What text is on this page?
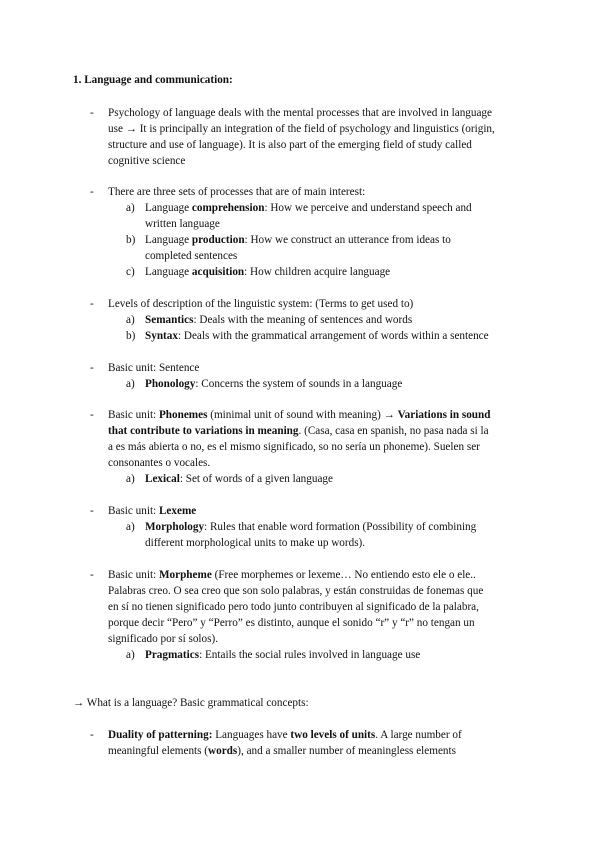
1. Language and communication:
- Psychology of language deals with the mental processes that are involved in language
use → It is principally an integration of the field of psychology and linguistics (origin,
structure and use of language). It is also part of the emerging field of study called
cognitive science
- There are three sets of processes that are of main interest:
a) Language comprehension: How we perceive and understand speech and
written language
b) Language production: How we construct an utterance from ideas to
completed sentences
c) Language acquisition: How children acquire language
- Levels of description of the linguistic system: (Terms to get used to)
a) Semantics: Deals with the meaning of sentences and words
b) Syntax: Deals with the grammatical arrangement of words within a sentence
- Basic unit: Sentence
a) Phonology: Concerns the system of sounds in a language
- Basic unit: Phonemes (minimal unit of sound with meaning) → Variations in sound
that contribute to variations in meaning. (Casa, casa en spanish, no pasa nada si la
a es más abierta o no, es el mismo significado, so no sería un phoneme). Suelen ser
consonantes o vocales.
a) Lexical: Set of words of a given language
- Basic unit: Lexeme
a) Morphology: Rules that enable word formation (Possibility of combining
different morphological units to make up words).
- Basic unit: Morpheme (Free morphemes or lexeme… No entiendo esto ele o ele..
Palabras creo. O sea creo que son solo palabras, y están construidas de fonemas que
en sí no tienen significado pero todo junto contribuyen al significado de la palabra,
porque decir “Pero” y “Perro” es distinto, aunque el sonido “r” y “r” no tengan un
significado por sí solos).
a) Pragmatics: Entails the social rules involved in language use
→ What is a language? Basic grammatical concepts:
- Duality of patterning: Languages have two levels of units. A large number of
meaningful elements (words), and a smaller number of meaningless elements
